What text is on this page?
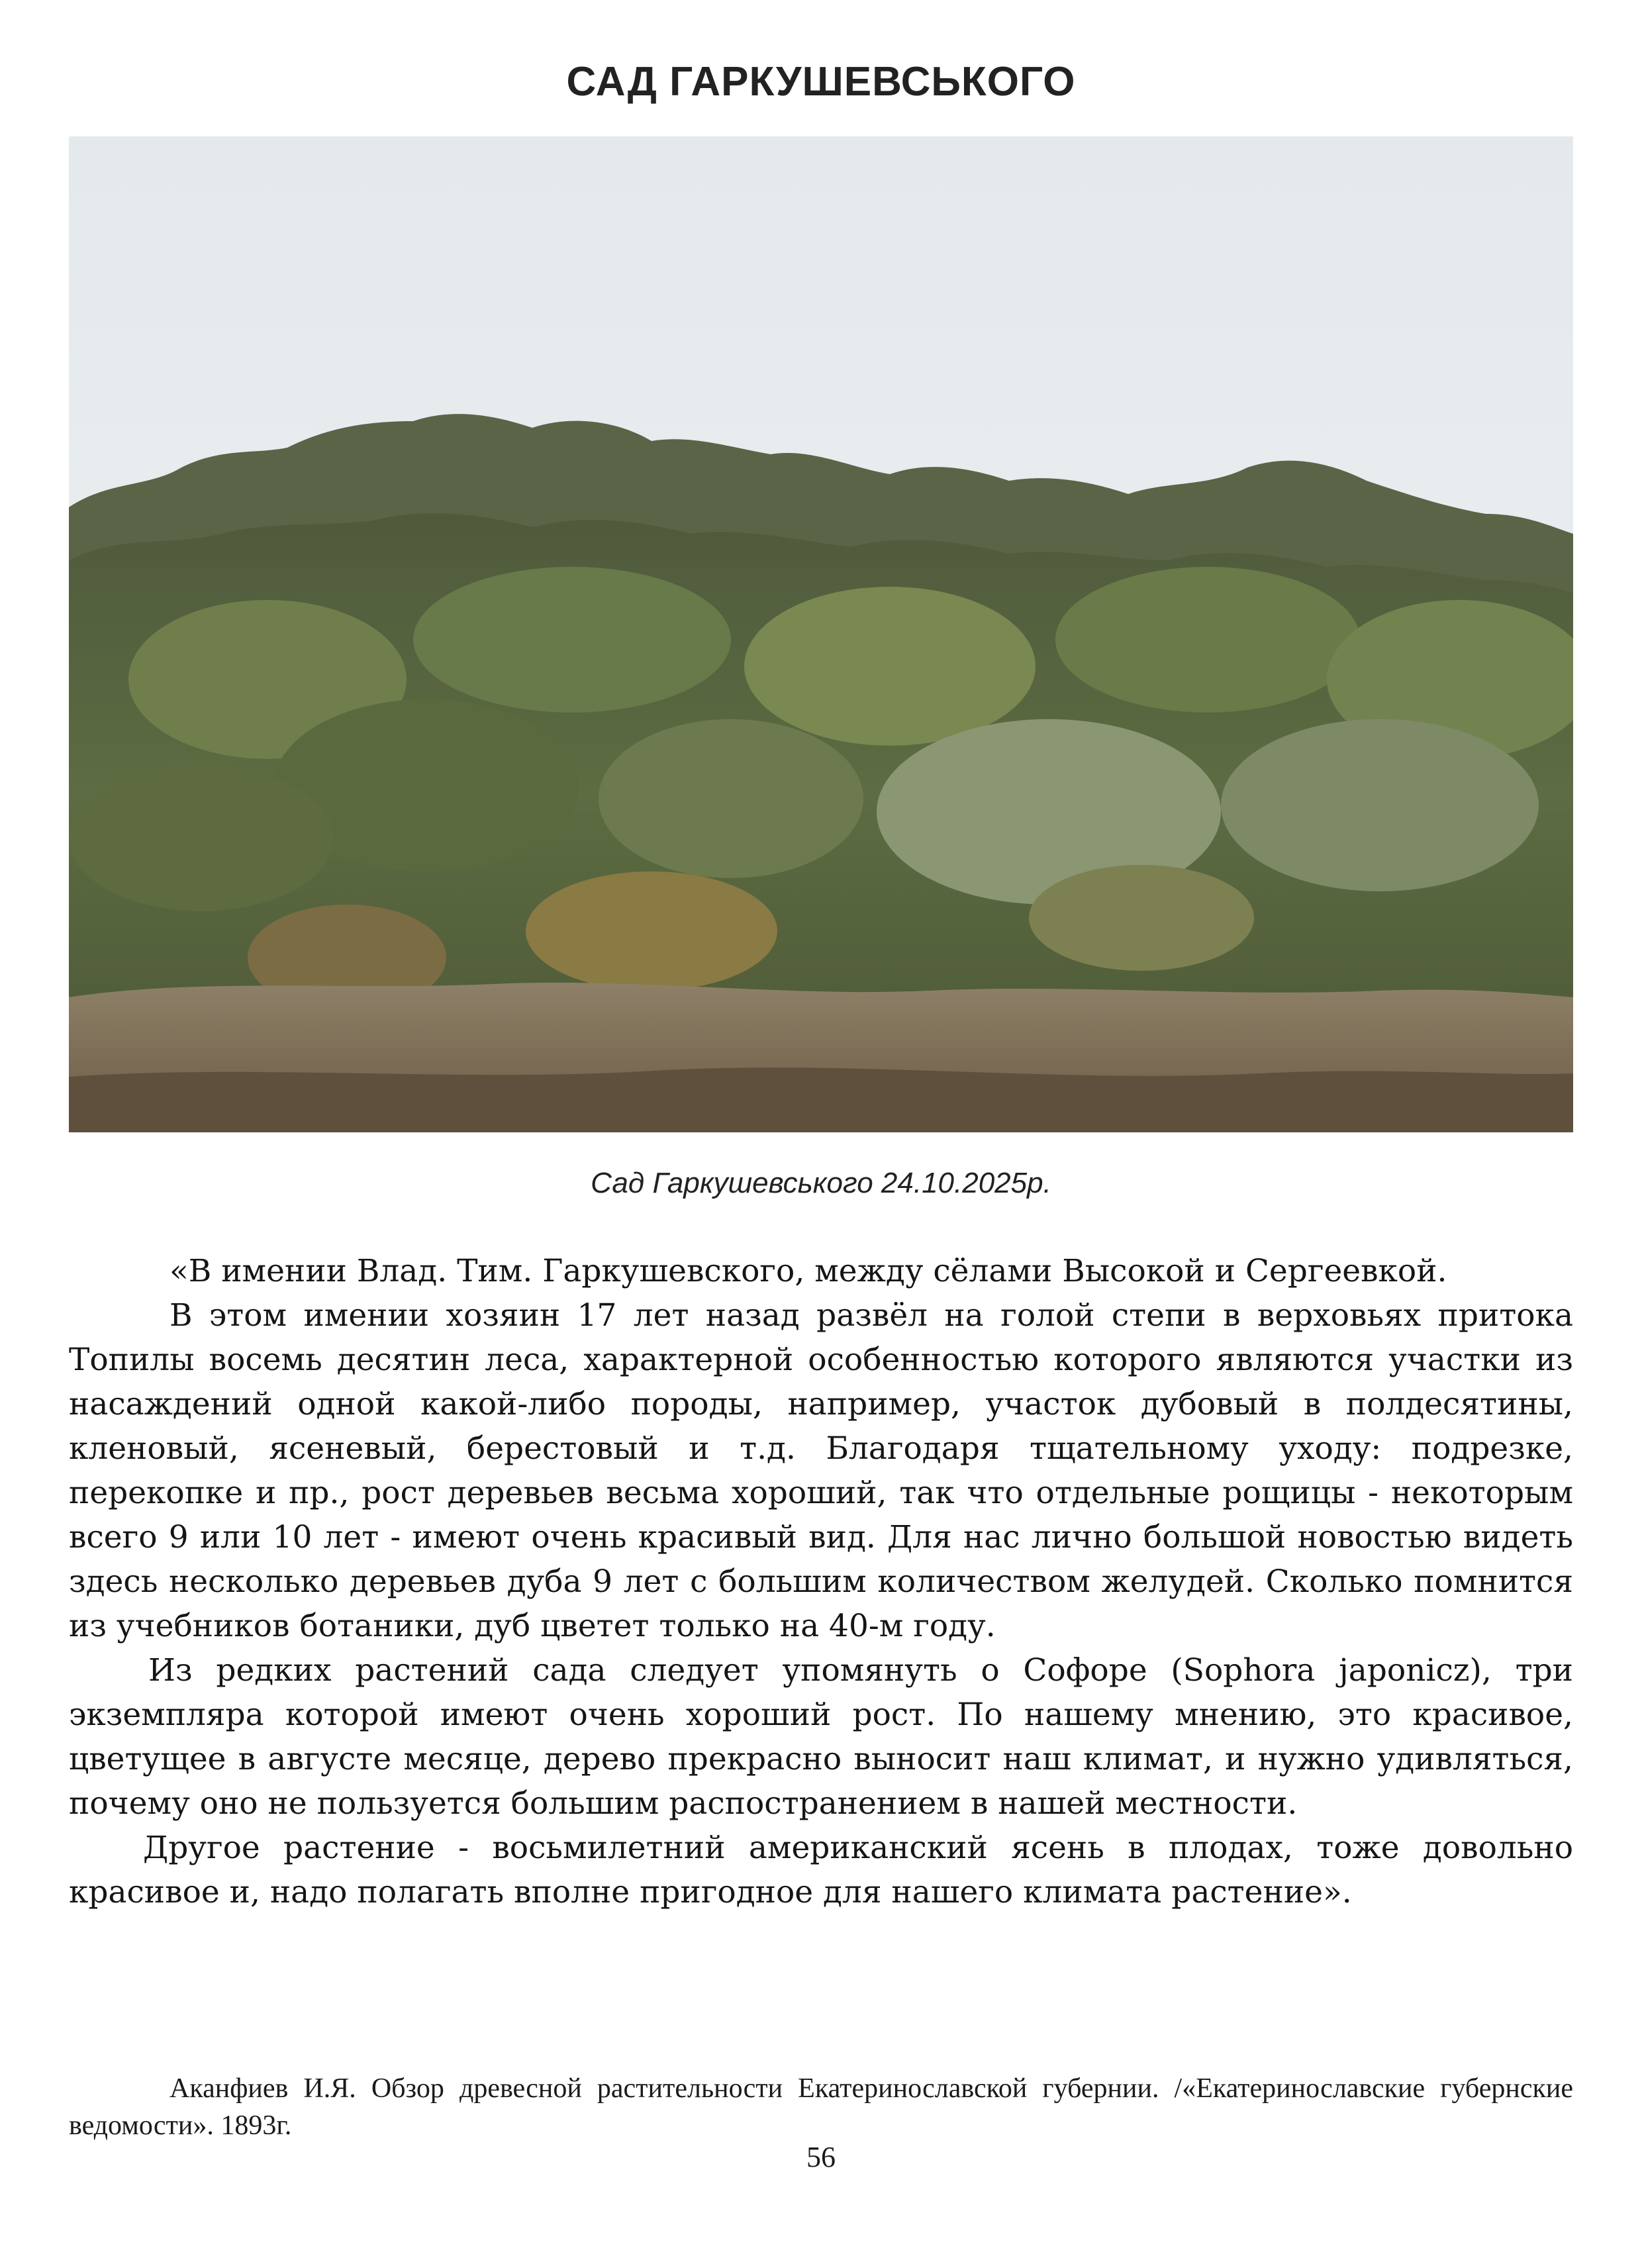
САД ГАРКУШЕВСЬКОГО
Сад Гаркушевського 24.10.2025р.

«В имении Влад. Тим. Гаркушевского, между сёлами Высокой и Сергеевкой.

В этом имении хозяин 17 лет назад развёл на голой степи в верховьях притока Топилы восемь десятин леса, характерной особенностью которого являются участки из насаждений одной какой-либо породы, например, участок дубовый в полдесятины, кленовый, ясеневый, берестовый и т.д. Благодаря тщательному уходу: подрезке, перекопке и пр., рост деревьев весьма хороший, так что отдельные рощицы - некоторым всего 9 или 10 лет - имеют очень красивый вид. Для нас лично большой новостью видеть здесь несколько деревьев дуба 9 лет с большим количеством желудей. Сколько помнится из учебников ботаники, дуб цветет только на 40-м году.

Из редких растений сада следует упомянуть о Софоре (Sophora japonicz), три экземпляра которой имеют очень хороший рост. По нашему мнению, это красивое, цветущее в августе месяце, дерево прекрасно выносит наш климат, и нужно удивляться, почему оно не пользуется большим распостранением в нашей местности.

Другое растение - восьмилетний американский ясень в плодах, тоже довольно красивое и, надо полагать вполне пригодное для нашего климата растение».

Аканфиев И.Я. Обзор древесной растительности Екатеринославской губернии. /«Екатеринославские губернские ведомости». 1893г.

56
